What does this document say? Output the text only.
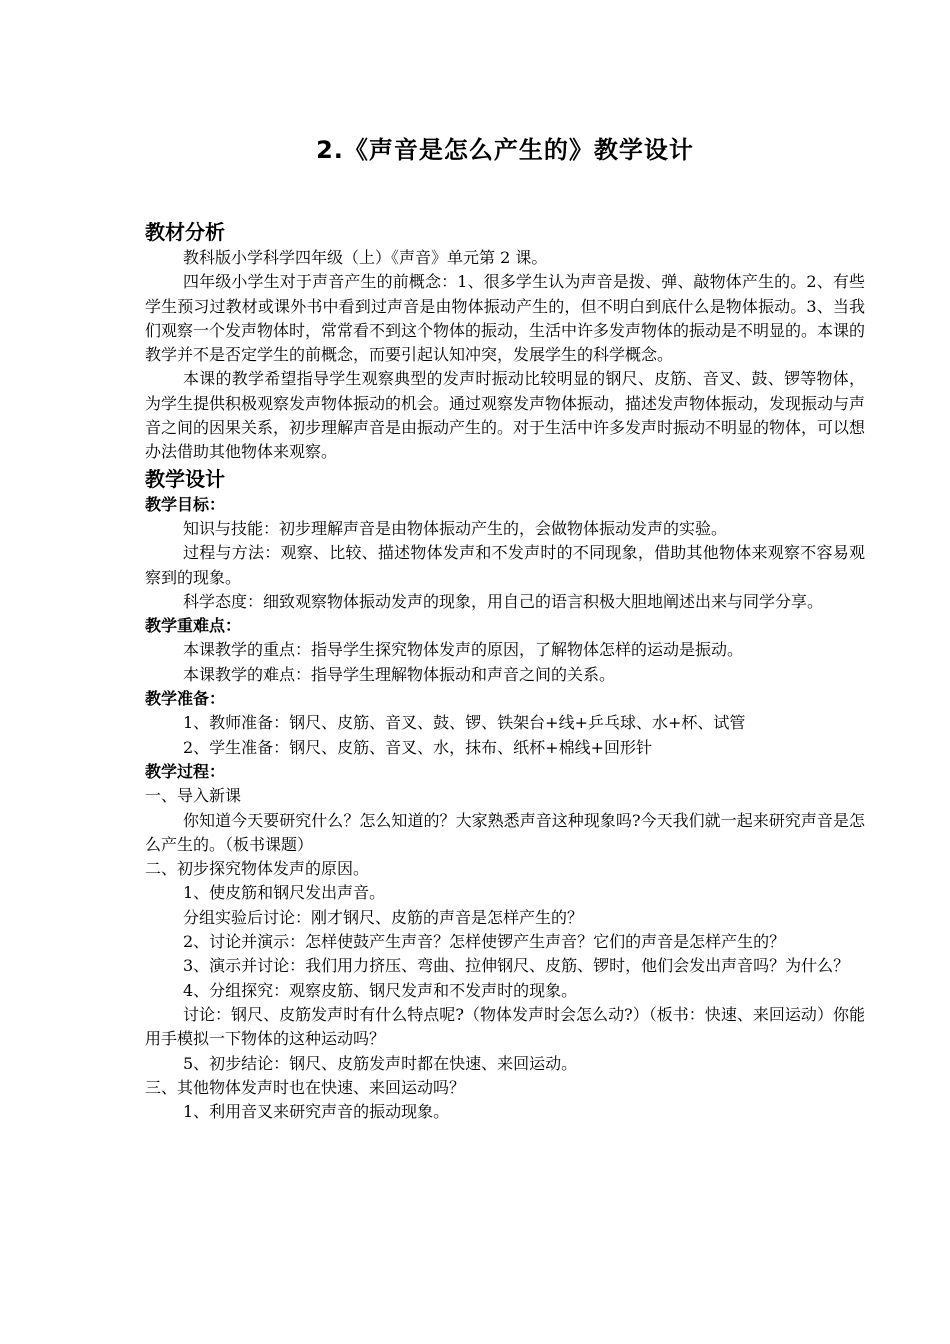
2.《声音是怎么产生的》教学设计
教材分析

教科版小学科学四年级（上）《声音》单元第 2 课。

四年级小学生对于声音产生的前概念：1、很多学生认为声音是拨、弹、敲物体产生的。2、有些学生预习过教材或课外书中看到过声音是由物体振动产生的，但不明白到底什么是物体振动。3、当我们观察一个发声物体时，常常看不到这个物体的振动，生活中许多发声物体的振动是不明显的。本课的教学并不是否定学生的前概念，而要引起认知冲突，发展学生的科学概念。

本课的教学希望指导学生观察典型的发声时振动比较明显的钢尺、皮筋、音叉、鼓、锣等物体，为学生提供积极观察发声物体振动的机会。通过观察发声物体振动，描述发声物体振动，发现振动与声音之间的因果关系，初步理解声音是由振动产生的。对于生活中许多发声时振动不明显的物体，可以想办法借助其他物体来观察。

教学设计
教学目标：

知识与技能：初步理解声音是由物体振动产生的，会做物体振动发声的实验。

过程与方法：观察、比较、描述物体发声和不发声时的不同现象，借助其他物体来观察不容易观察到的现象。

科学态度：细致观察物体振动发声的现象，用自己的语言积极大胆地阐述出来与同学分享。

教学重难点：

本课教学的重点：指导学生探究物体发声的原因，了解物体怎样的运动是振动。

本课教学的难点：指导学生理解物体振动和声音之间的关系。

教学准备：

1、教师准备：钢尺、皮筋、音叉、鼓、锣、铁架台+线+乒乓球、水+杯、试管

2、学生准备：钢尺、皮筋、音叉、水，抹布、纸杯+棉线+回形针

教学过程：

一、导入新课

你知道今天要研究什么？怎么知道的？大家熟悉声音这种现象吗?今天我们就一起来研究声音是怎么产生的。（板书课题）

二、初步探究物体发声的原因。

1、使皮筋和钢尺发出声音。

分组实验后讨论：刚才钢尺、皮筋的声音是怎样产生的？

2、讨论并演示：怎样使鼓产生声音？怎样使锣产生声音？它们的声音是怎样产生的？

3、演示并讨论：我们用力挤压、弯曲、拉伸钢尺、皮筋、锣时，他们会发出声音吗？为什么？

4、分组探究：观察皮筋、钢尺发声和不发声时的现象。

讨论：钢尺、皮筋发声时有什么特点呢?（物体发声时会怎么动?）（板书：快速、来回运动）你能用手模拟一下物体的这种运动吗？

5、初步结论：钢尺、皮筋发声时都在快速、来回运动。

三、其他物体发声时也在快速、来回运动吗？

1、利用音叉来研究声音的振动现象。
